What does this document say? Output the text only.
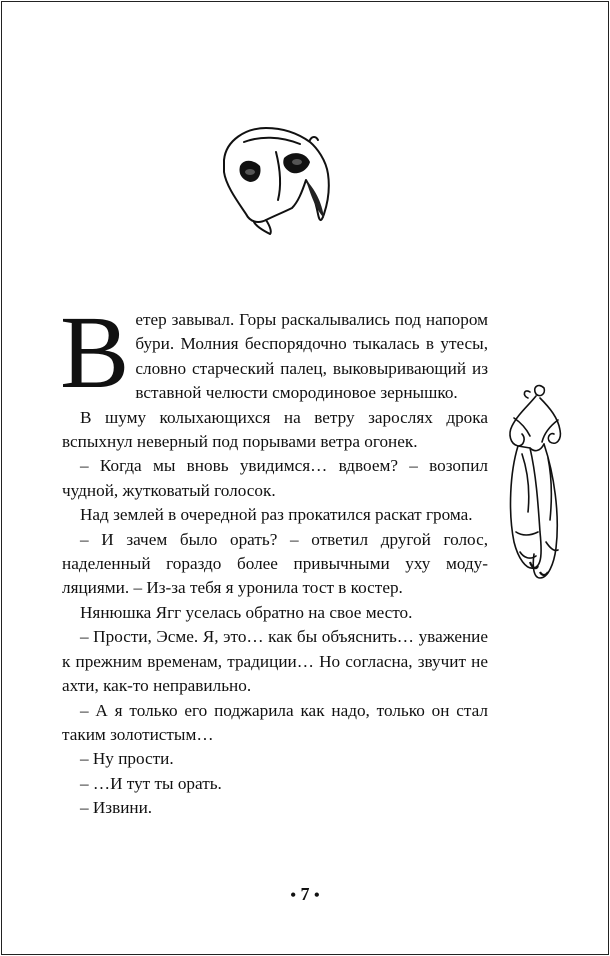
Ветер завывал. Горы раскалывались под напором бури. Молния беспорядочно тыкалась в утесы, словно старческий палец, выковыривающий из вставной челюсти смородиновое зернышко.

В шуму колыхающихся на ветру зарослях дрока вспыхнул неверный под порывами ветра огонек.

– Когда мы вновь увидимся… вдвоем? – возопил чудной, жутковатый голосок.

Над землей в очередной раз прокатился раскат грома.

– И зачем было орать? – ответил другой голос, наделенный гораздо более привычными уху модуляциями. – Из-за тебя я уронила тост в костер.

Нянюшка Ягг уселась обратно на свое место.

– Прости, Эсме. Я, это… как бы объяснить… уважение к прежним временам, традиции… Но согласна, звучит не ахти, как-то неправильно.

– А я только его поджарила как надо, только он стал таким золотистым…

– Ну прости.

– …И тут ты орать.

– Извини.

• 7 •
